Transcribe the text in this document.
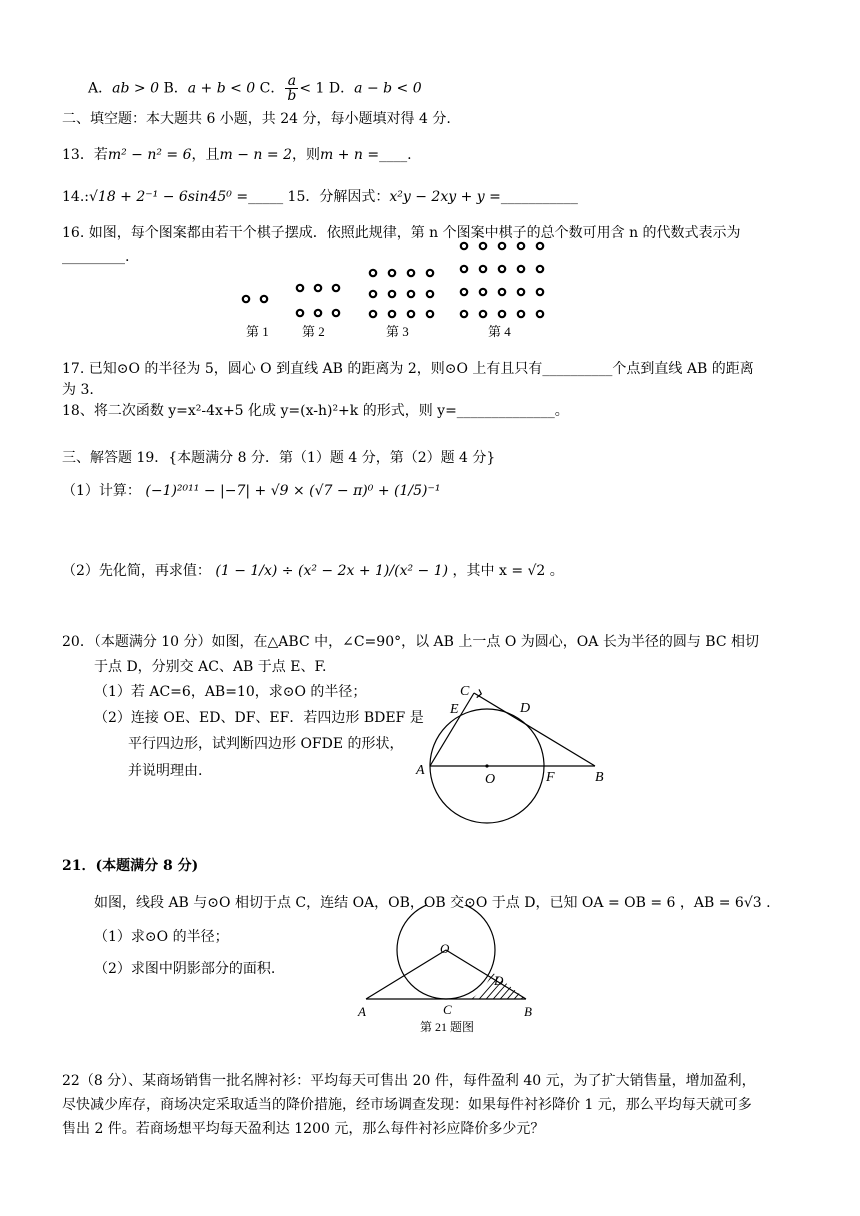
A．ab > 0 B．a + b < 0 C． $\frac{a}{b} < 1$ D．a − b < 0
二、填空题：本大题共 6 小题，共 24 分，每小题填对得 4 分.
13．若m² − n² = 6，且m − n = 2，则m + n =____.
14.:√18 + 2⁻¹ − 6sin45⁰ =_____ 15．分解因式：x²y − 2xy + y =___________
16. 如图，每个图案都由若干个棋子摆成．依照此规律，第 n 个图案中棋子的总个数可用含 n 的代数式表示为
_________.
第 1	第 2	第 3	第 4
17. 已知⊙O 的半径为 5，圆心 O 到直线 AB 的距离为 2，则⊙O 上有且只有__________个点到直线 AB 的距离
为 3.
18、将二次函数 y=x²-4x+5 化成 y=(x-h)²+k 的形式，则 y=______________。
三、解答题 19．{本题满分 8 分．第（1）题 4 分，第（2）题 4 分}
（1）计算： (−1)²⁰¹¹ − |−7| + √9 × (√7 − π)⁰ + (1/5)⁻¹
（2）先化简，再求值： (1 − 1/x) ÷ (x² − 2x + 1)/(x² − 1) ，其中 x = √2 。
20．（本题满分 10 分）如图，在△ABC 中，∠C=90°，以 AB 上一点 O 为圆心，OA 长为半径的圆与 BC 相切
于点 D，分别交 AC、AB 于点 E、F.
（1）若 AC=6，AB=10，求⊙O 的半径；
（2）连接 OE、ED、DF、EF．若四边形 BDEF 是
平行四边形，试判断四边形 OFDE 的形状，
并说明理由.
C
E	D
A
O	F	B
21．(本题满分 8 分)
如图，线段 AB 与⊙O 相切于点 C，连结 OA，OB，OB 交⊙O 于点 D，已知 OA = OB = 6 ，AB = 6√3 .
（1）求⊙O 的半径；
（2）求图中阴影部分的面积.
O
D
A	C	B
第 21 题图
22（8 分）、某商场销售一批名牌衬衫：平均每天可售出 20 件，每件盈利 40 元，为了扩大销售量，增加盈利，
尽快减少库存，商场决定采取适当的降价措施，经市场调查发现：如果每件衬衫降价 1 元，那么平均每天就可多
售出 2 件。若商场想平均每天盈利达 1200 元，那么每件衬衫应降价多少元？
